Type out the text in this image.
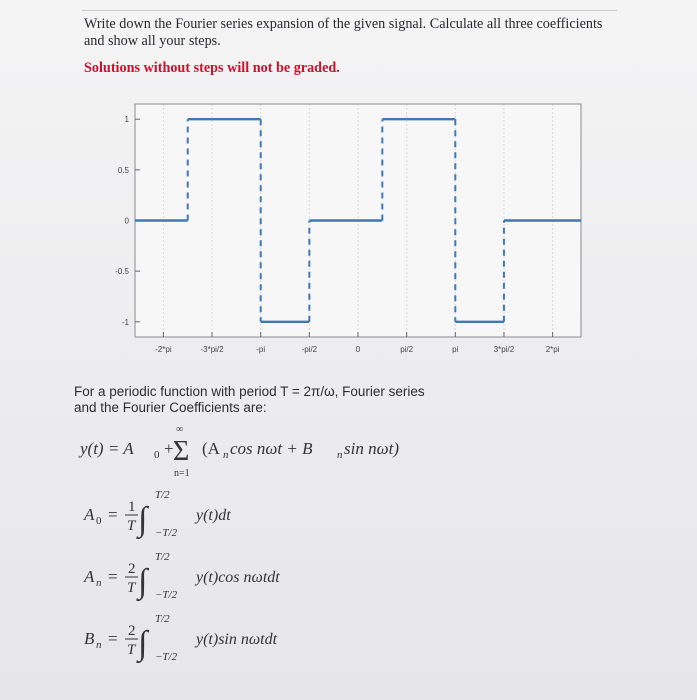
Write down the Fourier series expansion of the given signal. Calculate all three coefficients and show all your steps.
Solutions without steps will not be graded.
-1
-0.5
0
0.5
1
-2*pi	-3*pi/2	-pi	-pi/2	0	pi/2	pi	3*pi/2	2*pi
For a periodic function with period T = 2π/ω, Fourier series
and the Fourier Coefficients are:
y(t) = A 0 +
∞
Σ
n=1
(A n cos nωt + B n sin nωt)
A 0 = 1
T ∫
T/2
−T/2
y(t)dt
A n = 2
T ∫
T/2
−T/2
y(t)cos nωtdt
B n = 2
T ∫
T/2
−T/2
y(t)sin nωtdt
